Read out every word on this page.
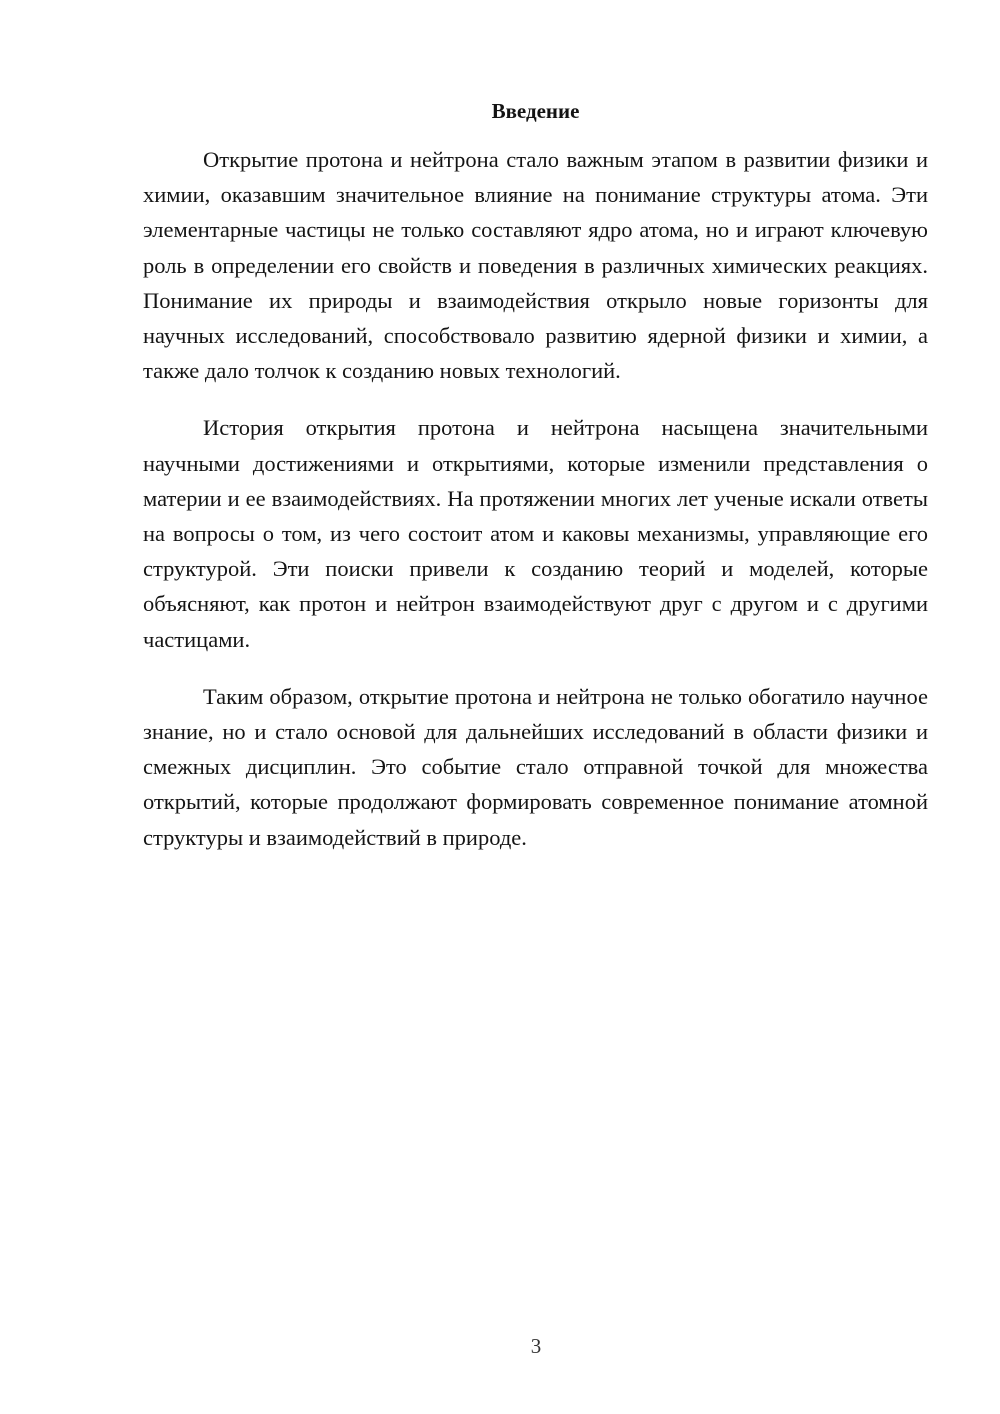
Введение

Открытие протона и нейтрона стало важным этапом в развитии физики и химии, оказавшим значительное влияние на понимание структуры атома. Эти элементарные частицы не только составляют ядро атома, но и играют ключевую роль в определении его свойств и поведения в различных химических реакциях. Понимание их природы и взаимодействия открыло новые горизонты для научных исследований, способствовало развитию ядерной физики и химии, а также дало толчок к созданию новых технологий.

История открытия протона и нейтрона насыщена значительными научными достижениями и открытиями, которые изменили представления о материи и ее взаимодействиях. На протяжении многих лет ученые искали ответы на вопросы о том, из чего состоит атом и каковы механизмы, управляющие его структурой. Эти поиски привели к созданию теорий и моделей, которые объясняют, как протон и нейтрон взаимодействуют друг с другом и с другими частицами.

Таким образом, открытие протона и нейтрона не только обогатило научное знание, но и стало основой для дальнейших исследований в области физики и смежных дисциплин. Это событие стало отправной точкой для множества открытий, которые продолжают формировать современное понимание атомной структуры и взаимодействий в природе.

3
